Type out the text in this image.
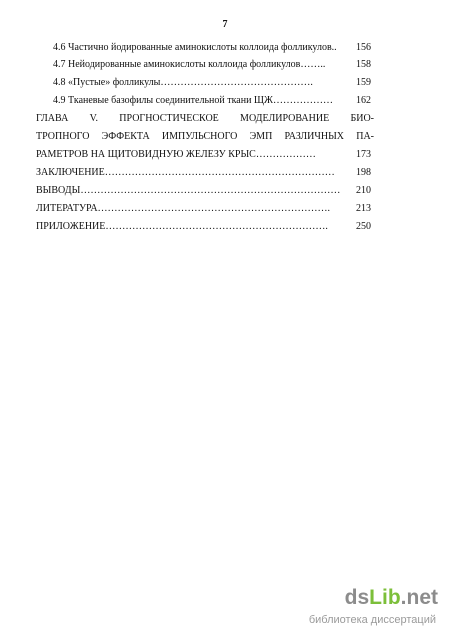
7
4.6 Частично йодированные аминокислоты коллоида фолликулов.. 156
4.7 Нейодированные аминокислоты коллоида фолликулов……..	158
4.8 «Пустые» фолликулы……………………………………….	159
4.9 Тканевые базофилы соединительной ткани ЩЖ……………… 162
ГЛАВА V. ПРОГНОСТИЧЕСКОЕ МОДЕЛИРОВАНИЕ БИО-
ТРОПНОГО ЭФФЕКТА ИМПУЛЬСНОГО ЭМП РАЗЛИЧНЫХ ПА-
РАМЕТРОВ НА ЩИТОВИДНУЮ ЖЕЛЕЗУ КРЫС………………	173
ЗАКЛЮЧЕНИЕ…………………………………………………………… 198
ВЫВОДЫ…………………………………………………………………… 210
ЛИТЕРАТУРА…………………………………………………………….	213
ПРИЛОЖЕНИЕ………………………………………………………….	250
dsLib.net
библиотека диссертаций
